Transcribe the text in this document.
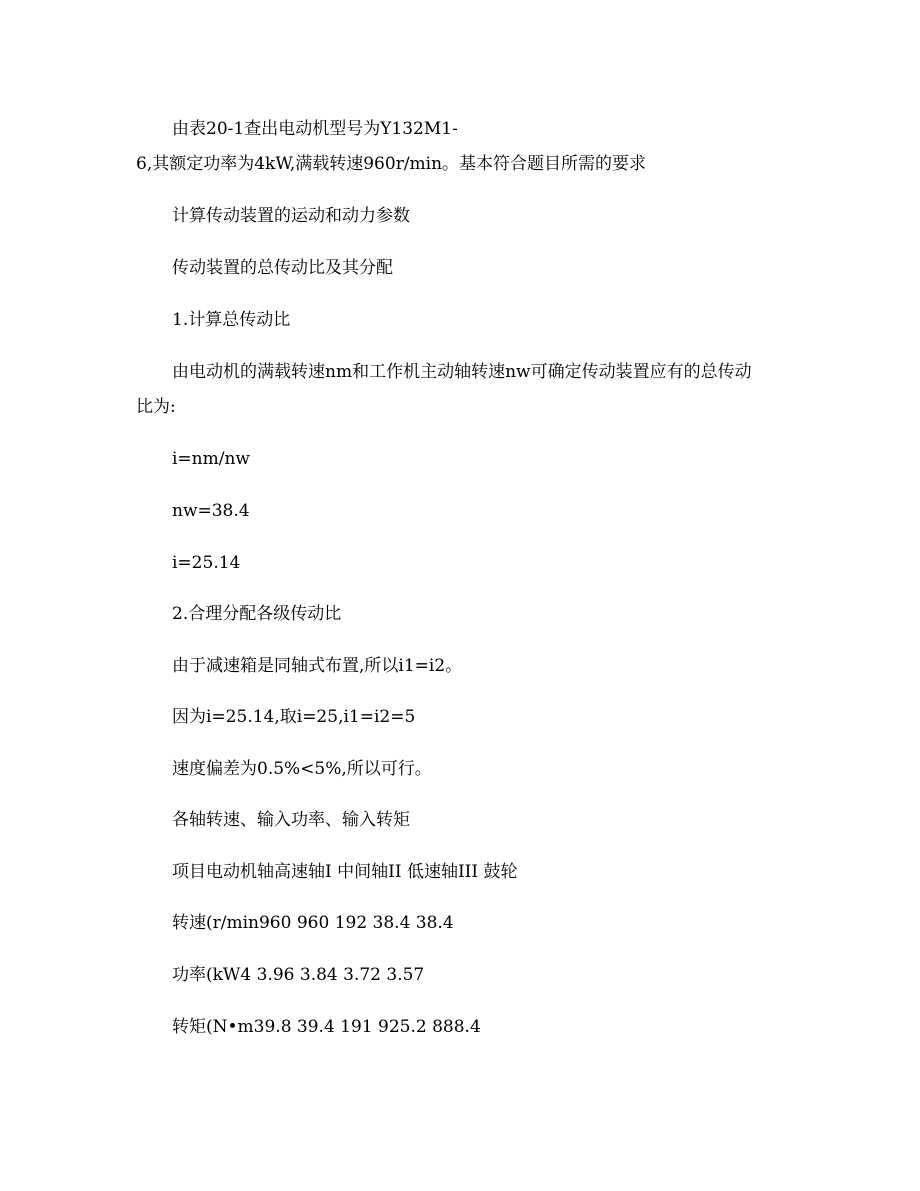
由表20-1查出电动机型号为Y132M1-

6,其额定功率为4kW,满载转速960r/min。基本符合题目所需的要求

计算传动装置的运动和动力参数

传动装置的总传动比及其分配

1.计算总传动比

由电动机的满载转速nm和工作机主动轴转速nw可确定传动装置应有的总传动

比为:

i=nm/nw

nw=38.4

i=25.14

2.合理分配各级传动比

由于减速箱是同轴式布置,所以i1=i2。

因为i=25.14,取i=25,i1=i2=5

速度偏差为0.5%<5%,所以可行。

各轴转速、输入功率、输入转矩

项目电动机轴高速轴I 中间轴II 低速轴III 鼓轮

转速(r/min960 960 192 38.4 38.4

功率(kW4 3.96 3.84 3.72 3.57

转矩(N•m39.8 39.4 191 925.2 888.4
